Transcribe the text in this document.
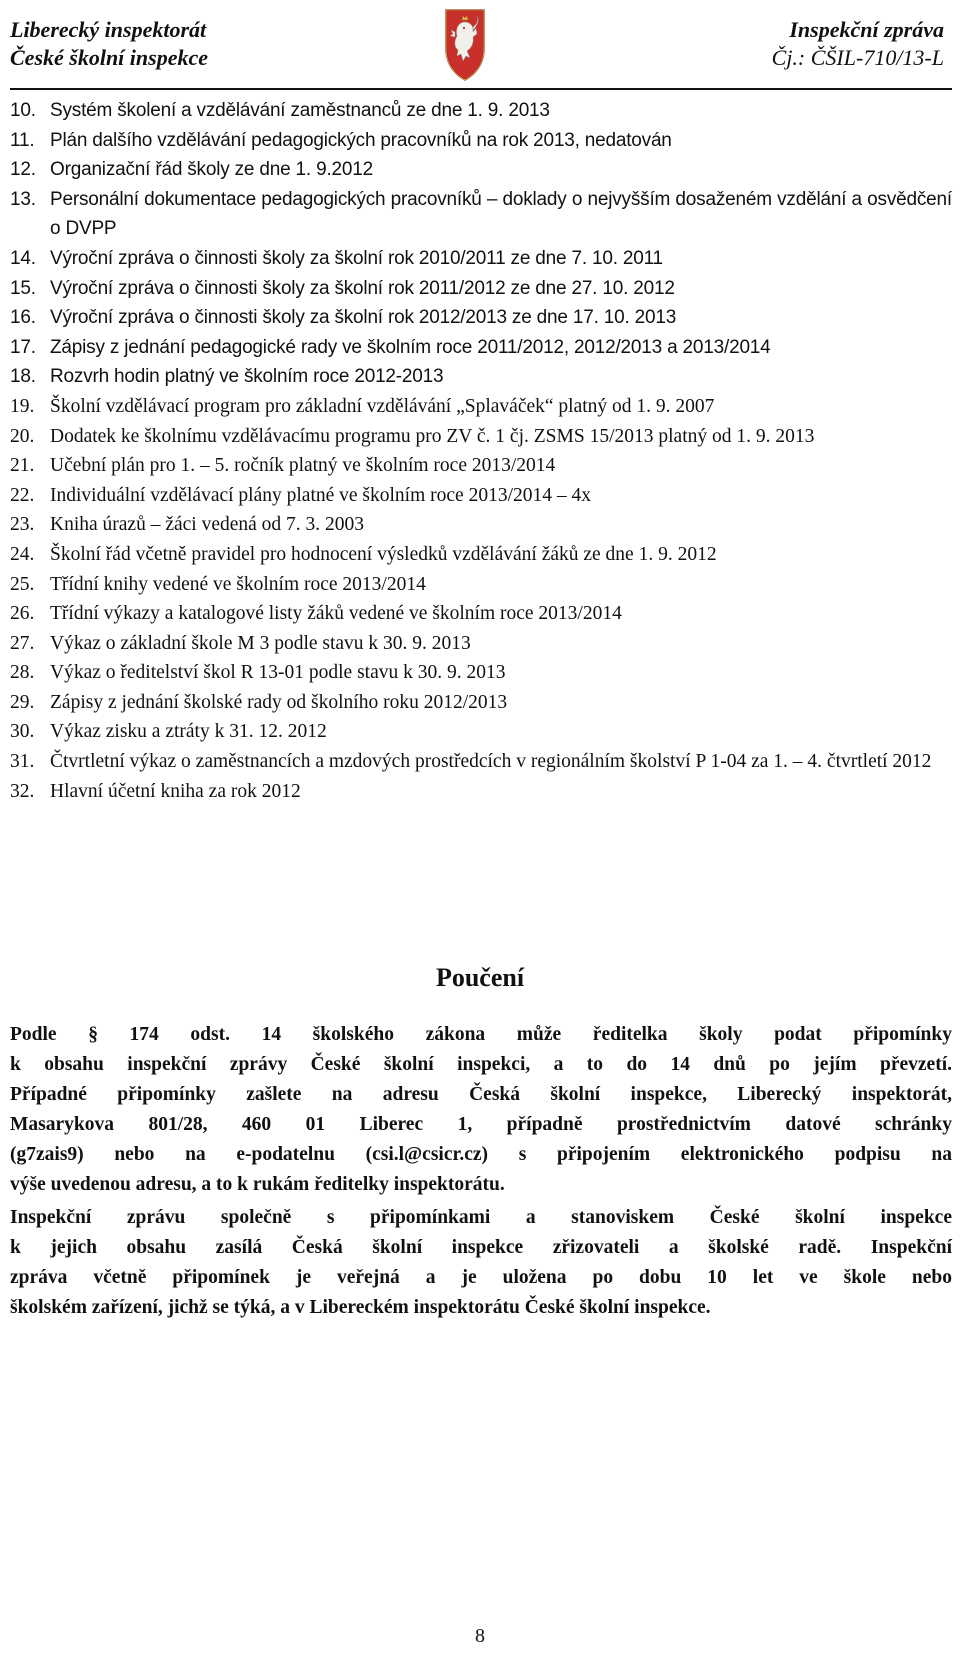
Liberecký inspektorát
České školní inspekce
Inspekční zpráva
Čj.: ČŠIL-710/13-L
10. Systém školení a vzdělávání zaměstnanců ze dne 1. 9. 2013
11. Plán dalšího vzdělávání pedagogických pracovníků na rok 2013, nedatován
12. Organizační řád školy ze dne 1. 9.2012
13. Personální dokumentace pedagogických pracovníků – doklady o nejvyšším dosaženém vzdělání a osvědčení o DVPP
14. Výroční zpráva o činnosti školy za školní rok 2010/2011 ze dne 7. 10. 2011
15. Výroční zpráva o činnosti školy za školní rok 2011/2012 ze dne 27. 10. 2012
16. Výroční zpráva o činnosti školy za školní rok 2012/2013 ze dne 17. 10. 2013
17. Zápisy z jednání pedagogické rady ve školním roce 2011/2012, 2012/2013 a 2013/2014
18. Rozvrh hodin platný ve školním roce 2012-2013
19. Školní vzdělávací program pro základní vzdělávání „Splaváček“ platný od 1. 9. 2007
20. Dodatek ke školnímu vzdělávacímu programu pro ZV č. 1 čj. ZSMS 15/2013 platný od 1. 9. 2013
21. Učební plán pro 1. – 5. ročník platný ve školním roce 2013/2014
22. Individuální vzdělávací plány platné ve školním roce 2013/2014 – 4x
23. Kniha úrazů – žáci vedená od 7. 3. 2003
24. Školní řád včetně pravidel pro hodnocení výsledků vzdělávání žáků ze dne 1. 9. 2012
25. Třídní knihy vedené ve školním roce 2013/2014
26. Třídní výkazy a katalogové listy žáků vedené ve školním roce 2013/2014
27. Výkaz o základní škole M 3 podle stavu k 30. 9. 2013
28. Výkaz o ředitelství škol R 13-01 podle stavu k 30. 9. 2013
29. Zápisy z jednání školské rady od školního roku 2012/2013
30. Výkaz zisku a ztráty k 31. 12. 2012
31. Čtvrtletní výkaz o zaměstnancích a mzdových prostředcích v regionálním školství P 1-04 za 1. – 4. čtvrtletí 2012
32. Hlavní účetní kniha za rok 2012
Poučení
Podle § 174 odst. 14 školského zákona může ředitelka školy podat připomínky
k obsahu inspekční zprávy České školní inspekci, a to do 14 dnů po jejím převzetí.
Případné připomínky zašlete na adresu Česká školní inspekce, Liberecký inspektorát,
Masarykova 801/28, 460 01 Liberec 1, případně prostřednictvím datové schránky
(g7zais9) nebo na e-podatelnu (csi.l@csicr.cz) s připojením elektronického podpisu na
výše uvedenou adresu, a to k rukám ředitelky inspektorátu.
Inspekční zprávu společně s připomínkami a stanoviskem České školní inspekce
k jejich obsahu zasílá Česká školní inspekce zřizovateli a školské radě. Inspekční
zpráva včetně připomínek je veřejná a je uložena po dobu 10 let ve škole nebo
školském zařízení, jichž se týká, a v Libereckém inspektorátu České školní inspekce.
8
